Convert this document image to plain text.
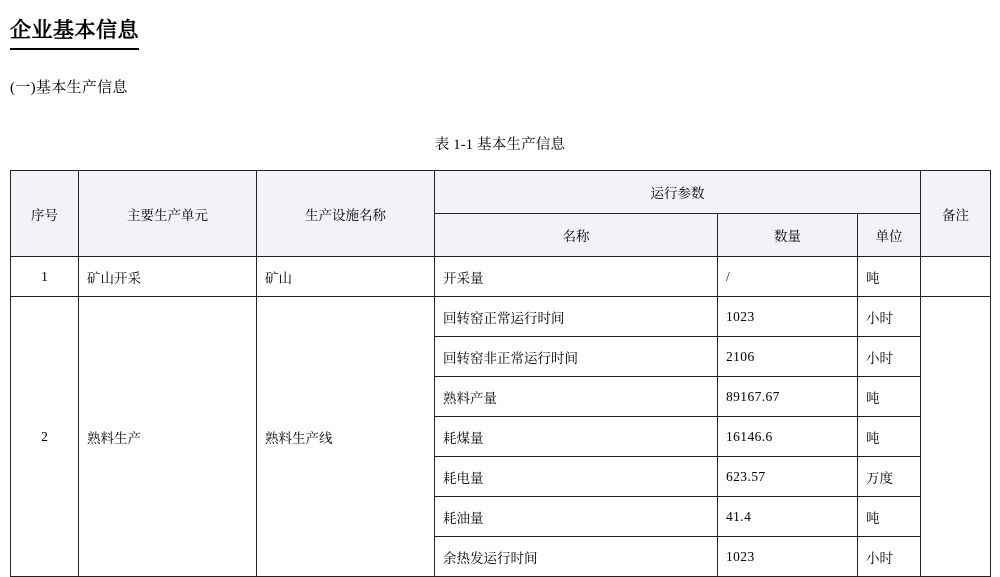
企业基本信息
(一)基本生产信息
表 1-1 基本生产信息
序号	主要生产单元	生产设施名称	运行参数			备注
			名称	数量	单位	
1	矿山开采	矿山	开采量	/	吨	
2	熟料生产	熟料生产线	回转窑正常运行时间	1023	小时	
			回转窑非正常运行时间	2106	小时	
			熟料产量	89167.67	吨	
			耗煤量	16146.6	吨	
			耗电量	623.57	万度	
			耗油量	41.4	吨	
			余热发运行时间	1023	小时	
